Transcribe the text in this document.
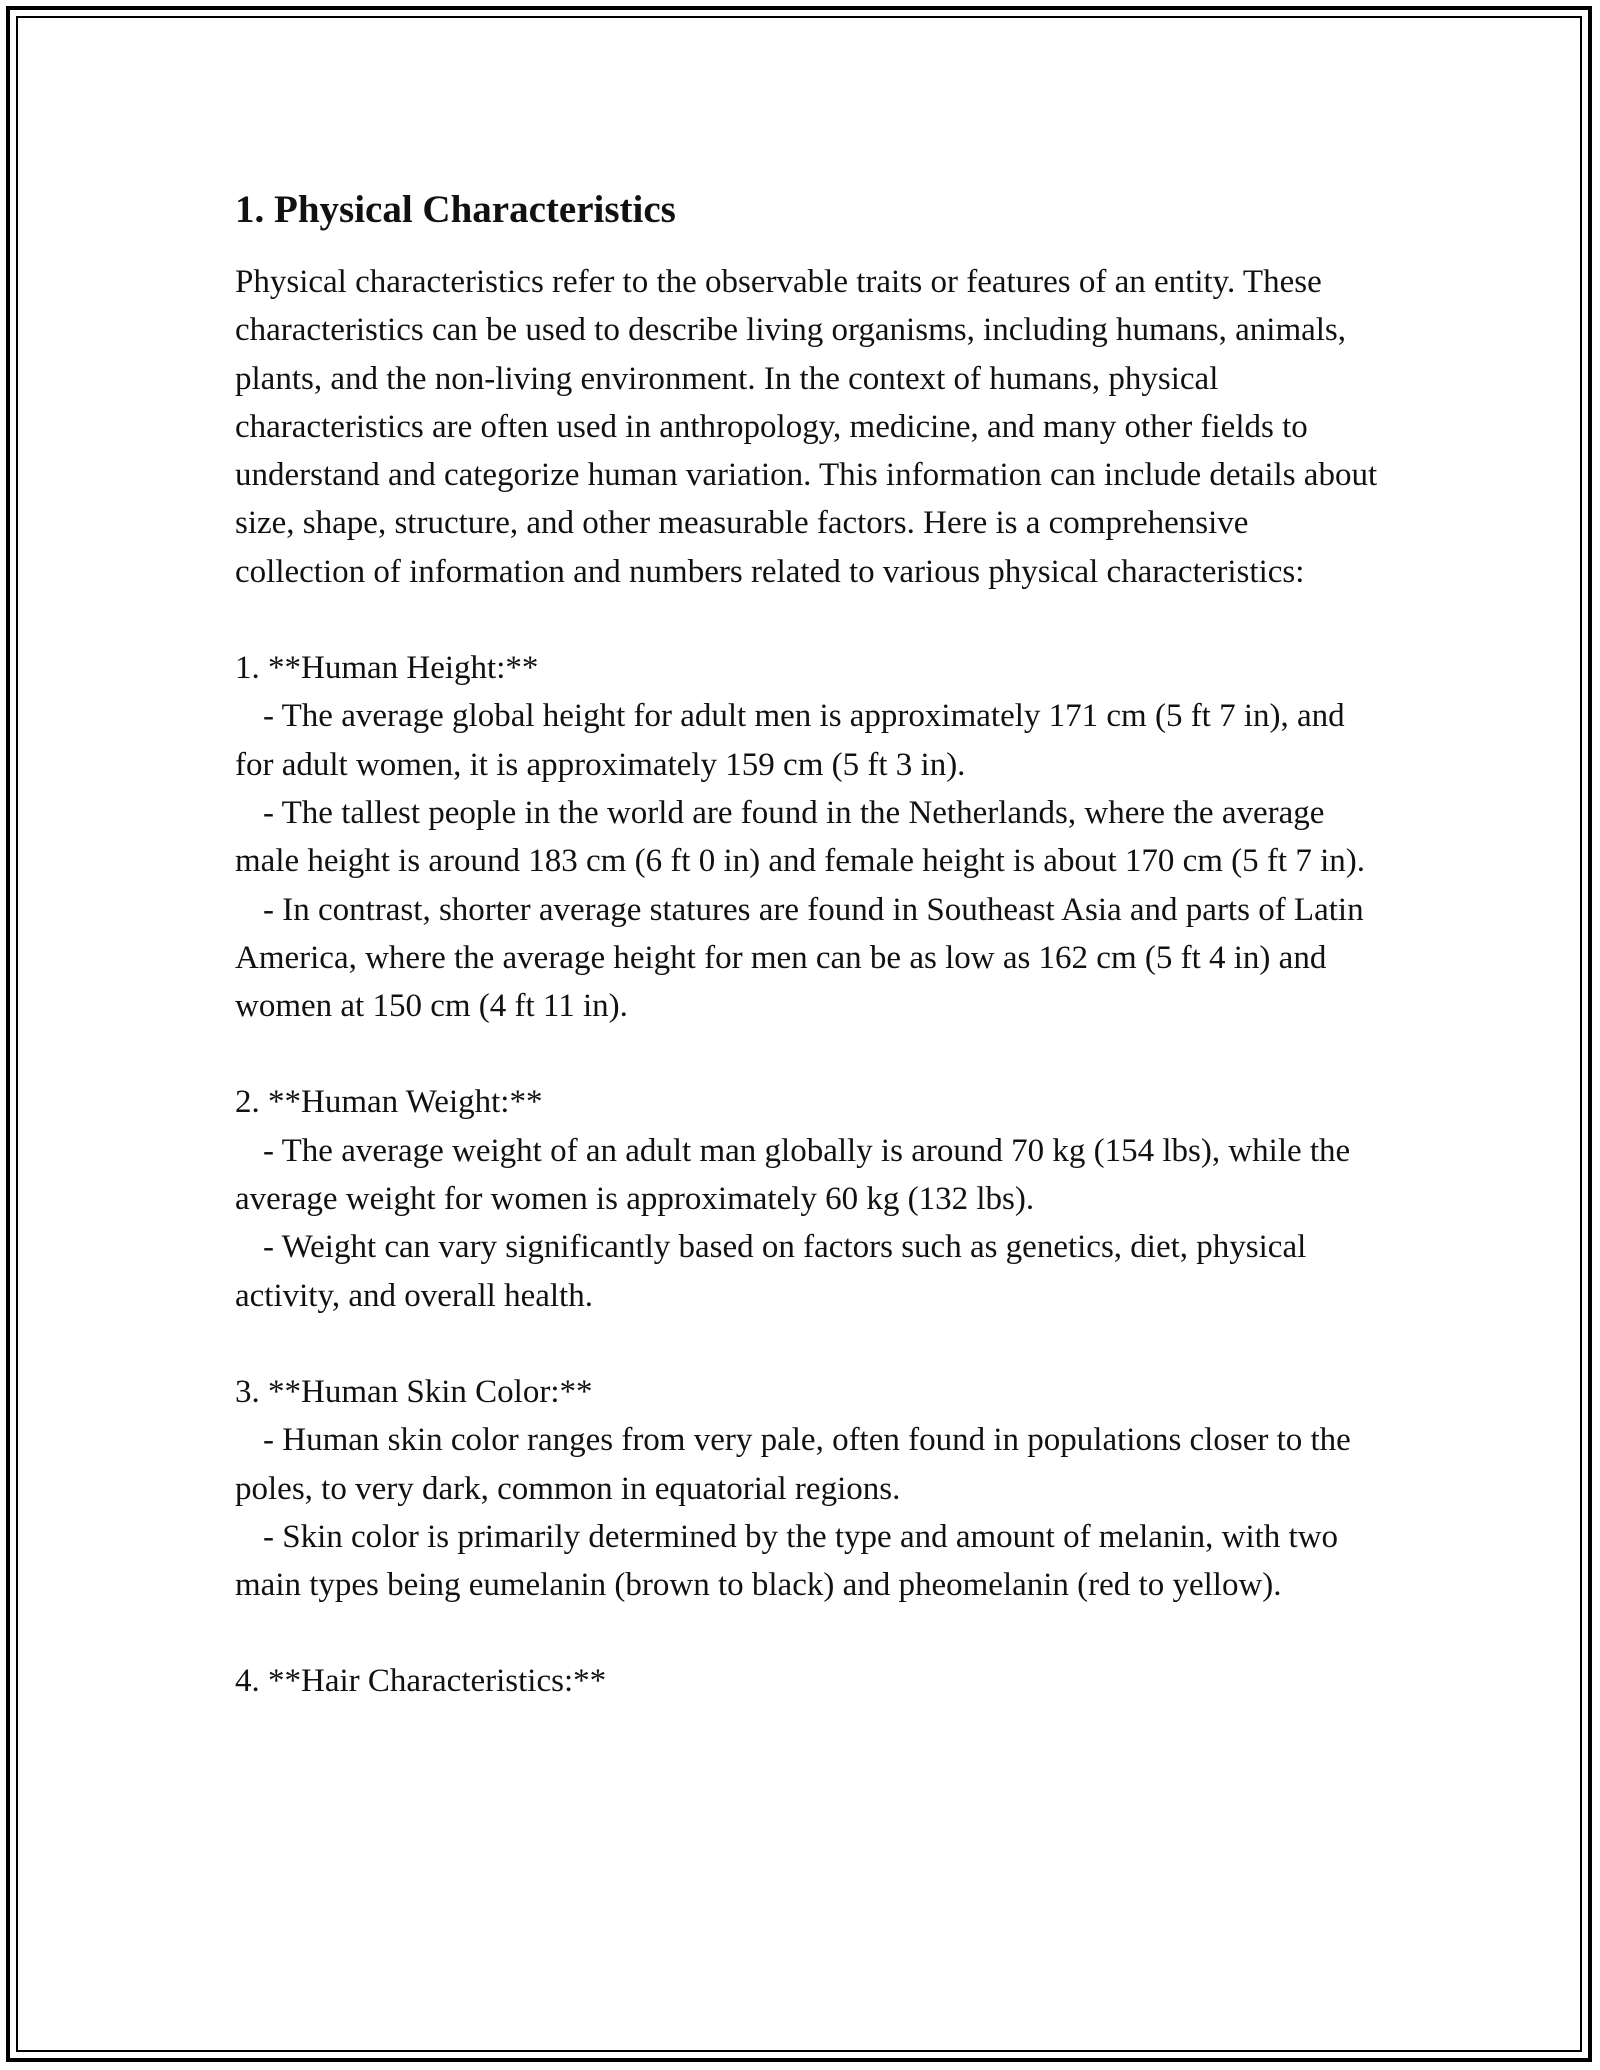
1. Physical Characteristics

Physical characteristics refer to the observable traits or features of an entity. These characteristics can be used to describe living organisms, including humans, animals, plants, and the non-living environment. In the context of humans, physical characteristics are often used in anthropology, medicine, and many other fields to understand and categorize human variation. This information can include details about size, shape, structure, and other measurable factors. Here is a comprehensive collection of information and numbers related to various physical characteristics:

1. **Human Height:**

- The average global height for adult men is approximately 171 cm (5 ft 7 in), and for adult women, it is approximately 159 cm (5 ft 3 in).

- The tallest people in the world are found in the Netherlands, where the average male height is around 183 cm (6 ft 0 in) and female height is about 170 cm (5 ft 7 in).

- In contrast, shorter average statures are found in Southeast Asia and parts of Latin America, where the average height for men can be as low as 162 cm (5 ft 4 in) and women at 150 cm (4 ft 11 in).

2. **Human Weight:**

- The average weight of an adult man globally is around 70 kg (154 lbs), while the average weight for women is approximately 60 kg (132 lbs).

- Weight can vary significantly based on factors such as genetics, diet, physical activity, and overall health.

3. **Human Skin Color:**

- Human skin color ranges from very pale, often found in populations closer to the poles, to very dark, common in equatorial regions.

- Skin color is primarily determined by the type and amount of melanin, with two main types being eumelanin (brown to black) and pheomelanin (red to yellow).

4. **Hair Characteristics:**
